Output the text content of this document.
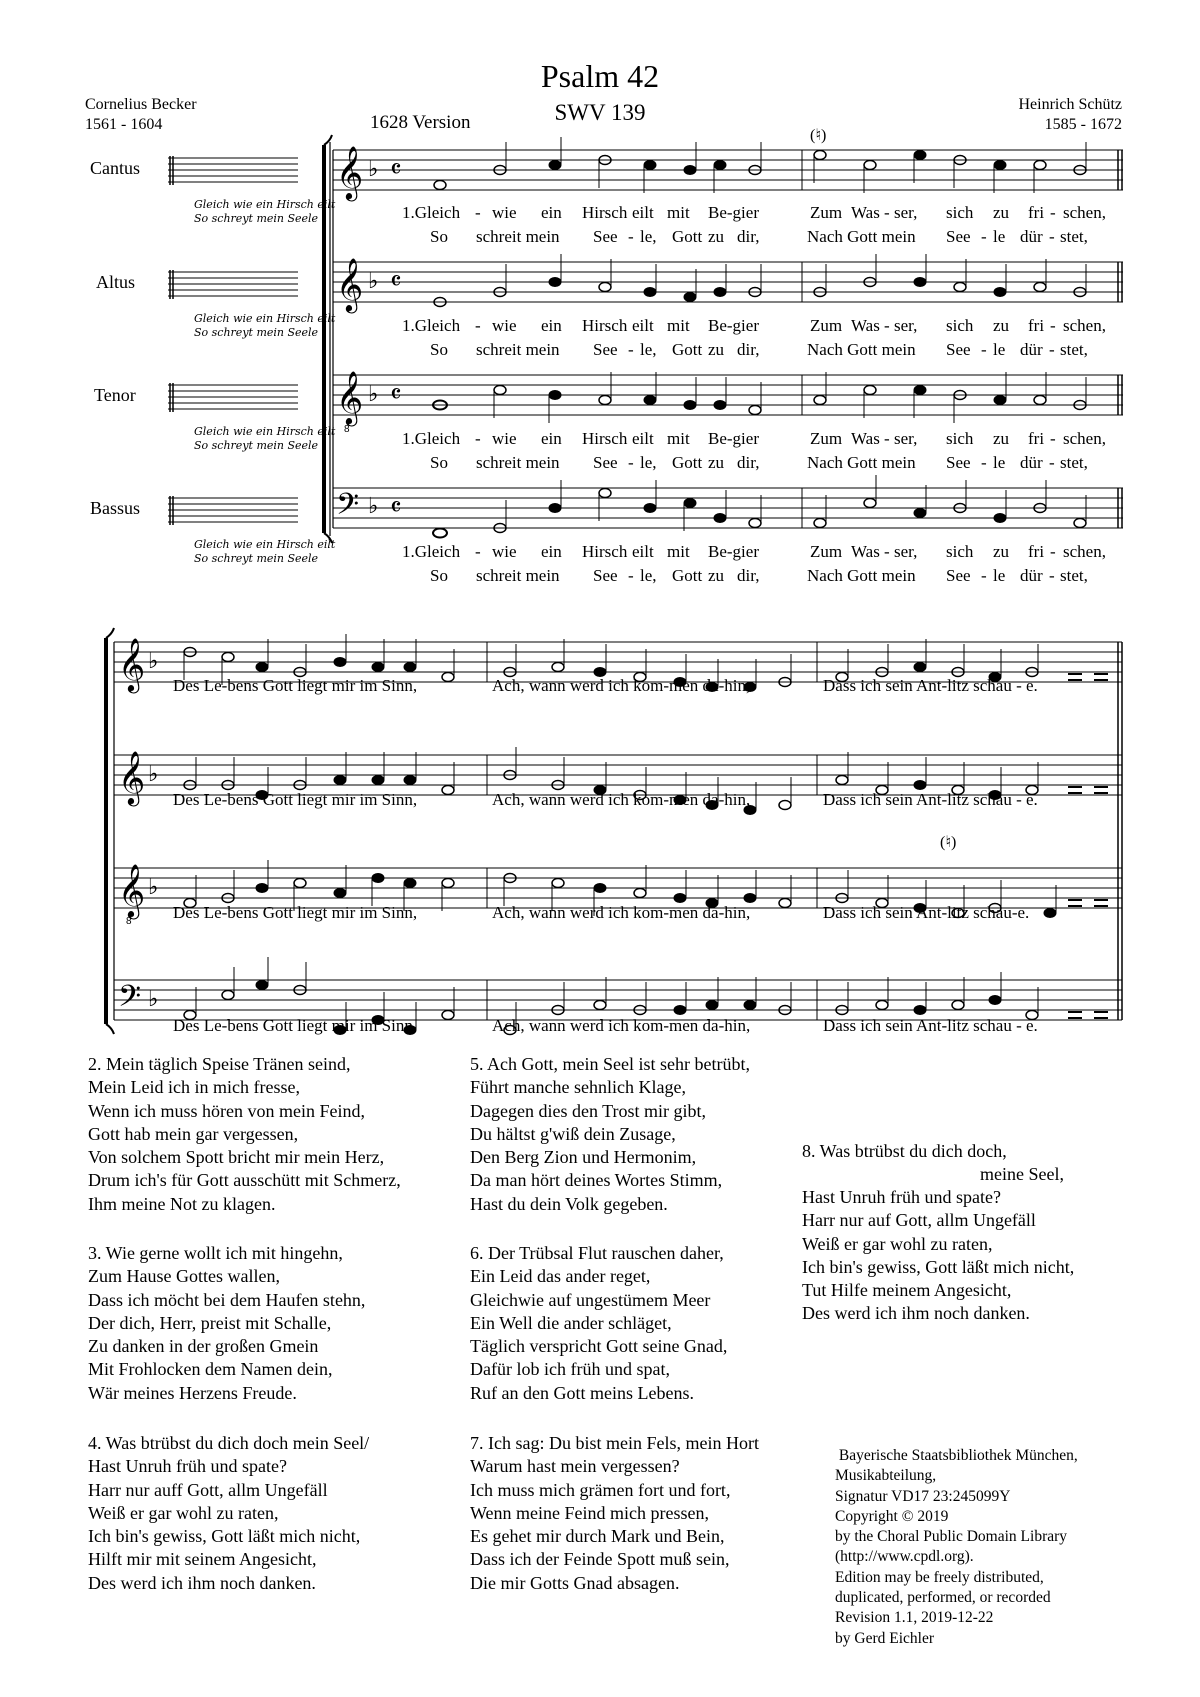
Psalm 42
SWV 139
1628 Version
Cornelius Becker
1561 - 1604
Heinrich Schütz
1585 - 1672
Cantus
Altus
Tenor
Bassus
Gleich wie ein Hirsch eilt
So schreyt mein Seele
Gleich wie ein Hirsch eilt
So schreyt mein Seele
Gleich wie ein Hirsch eilt
So schreyt mein Seele
Gleich wie ein Hirsch eilt
So schreyt mein Seele
𝄞
𝄞
𝄞
𝄢
𝄞
𝄞
𝄞
𝄢
♭
♭
♭
♭
♭
♭
♭
♭
𝄴
𝄴
𝄴
𝄴
8
8
(♮)
(♮)
1.Gleich - wie ein Hirsch eilt mit Be-gier	Zum Was - ser, sich zu fri - schen,
So schreit mein See - le, Gott zu dir,	Nach Gott mein See - le dür - stet,
1.Gleich - wie ein Hirsch eilt mit Be-gier	Zum Was - ser, sich zu fri - schen,
So schreit mein See - le, Gott zu dir,	Nach Gott mein See - le dür - stet,
1.Gleich - wie ein Hirsch eilt mit Be-gier	Zum Was - ser, sich zu fri - schen,
So schreit mein See - le, Gott zu dir,	Nach Gott mein See - le dür - stet,
1.Gleich - wie ein Hirsch eilt mit Be-gier	Zum Was - ser, sich zu fri - schen,
So schreit mein See - le, Gott zu dir,	Nach Gott mein See - le dür - stet,
Des Le-bens Gott liegt mir im Sinn,	Ach, wann werd ich kom-men da-hin,	Dass ich sein Ant-litz schau - e.
Des Le-bens Gott liegt mir im Sinn,	Ach, wann werd ich kom-men da-hin,	Dass ich sein Ant-litz schau - e.
Des Le-bens Gott liegt mir im Sinn,	Ach, wann werd ich kom-men da-hin,	Dass ich sein Ant-litz schau-e.
Des Le-bens Gott liegt mir im Sinn,	Ach, wann werd ich kom-men da-hin,	Dass ich sein Ant-litz schau - e.
2. Mein täglich Speise Tränen seind,
Mein Leid ich in mich fresse,
Wenn ich muss hören von mein Feind,
Gott hab mein gar vergessen,
Von solchem Spott bricht mir mein Herz,
Drum ich's für Gott ausschütt mit Schmerz,
Ihm meine Not zu klagen.
3. Wie gerne wollt ich mit hingehn,
Zum Hause Gottes wallen,
Dass ich möcht bei dem Haufen stehn,
Der dich, Herr, preist mit Schalle,
Zu danken in der großen Gmein
Mit Frohlocken dem Namen dein,
Wär meines Herzens Freude.
4. Was btrübst du dich doch mein Seel/
Hast Unruh früh und spate?
Harr nur auff Gott, allm Ungefäll
Weiß er gar wohl zu raten,
Ich bin's gewiss, Gott läßt mich nicht,
Hilft mir mit seinem Angesicht,
Des werd ich ihm noch danken.
5. Ach Gott, mein Seel ist sehr betrübt,
Führt manche sehnlich Klage,
Dagegen dies den Trost mir gibt,
Du hältst g'wiß dein Zusage,
Den Berg Zion und Hermonim,
Da man hört deines Wortes Stimm,
Hast du dein Volk gegeben.
6. Der Trübsal Flut rauschen daher,
Ein Leid das ander reget,
Gleichwie auf ungestümem Meer
Ein Well die ander schläget,
Täglich verspricht Gott seine Gnad,
Dafür lob ich früh und spat,
Ruf an den Gott meins Lebens.
7. Ich sag: Du bist mein Fels, mein Hort
Warum hast mein vergessen?
Ich muss mich grämen fort und fort,
Wenn meine Feind mich pressen,
Es gehet mir durch Mark und Bein,
Dass ich der Feinde Spott muß sein,
Die mir Gotts Gnad absagen.
8. Was btrübst du dich doch,
meine Seel,
Hast Unruh früh und spate?
Harr nur auf Gott, allm Ungefäll
Weiß er gar wohl zu raten,
Ich bin's gewiss, Gott läßt mich nicht,
Tut Hilfe meinem Angesicht,
Des werd ich ihm noch danken.
Bayerische Staatsbibliothek München,
Musikabteilung,
Signatur VD17 23:245099Y
Copyright © 2019
by the Choral Public Domain Library
(http://www.cpdl.org).
Edition may be freely distributed,
duplicated, performed, or recorded
Revision 1.1, 2019-12-22
by Gerd Eichler
